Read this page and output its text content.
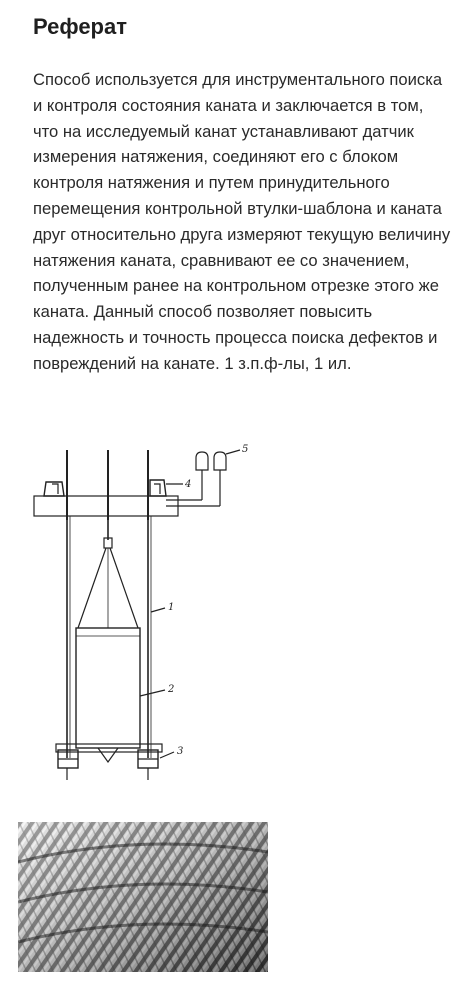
Реферат

Способ используется для инструментального поиска и контроля состояния каната и заключается в том, что на исследуемый канат устанавливают датчик измерения натяжения, соединяют его с блоком контроля натяжения и путем принудительного перемещения контрольной втулки-шаблона и каната друг относительно друга измеряют текущую величину натяжения каната, сравнивают ее со значением, полученным ранее на контрольном отрезке этого же каната. Данный способ позволяет повысить надежность и точность процесса поиска дефектов и повреждений на канате. 1 з.п.ф-лы, 1 ил.

1
2
3
4
5
